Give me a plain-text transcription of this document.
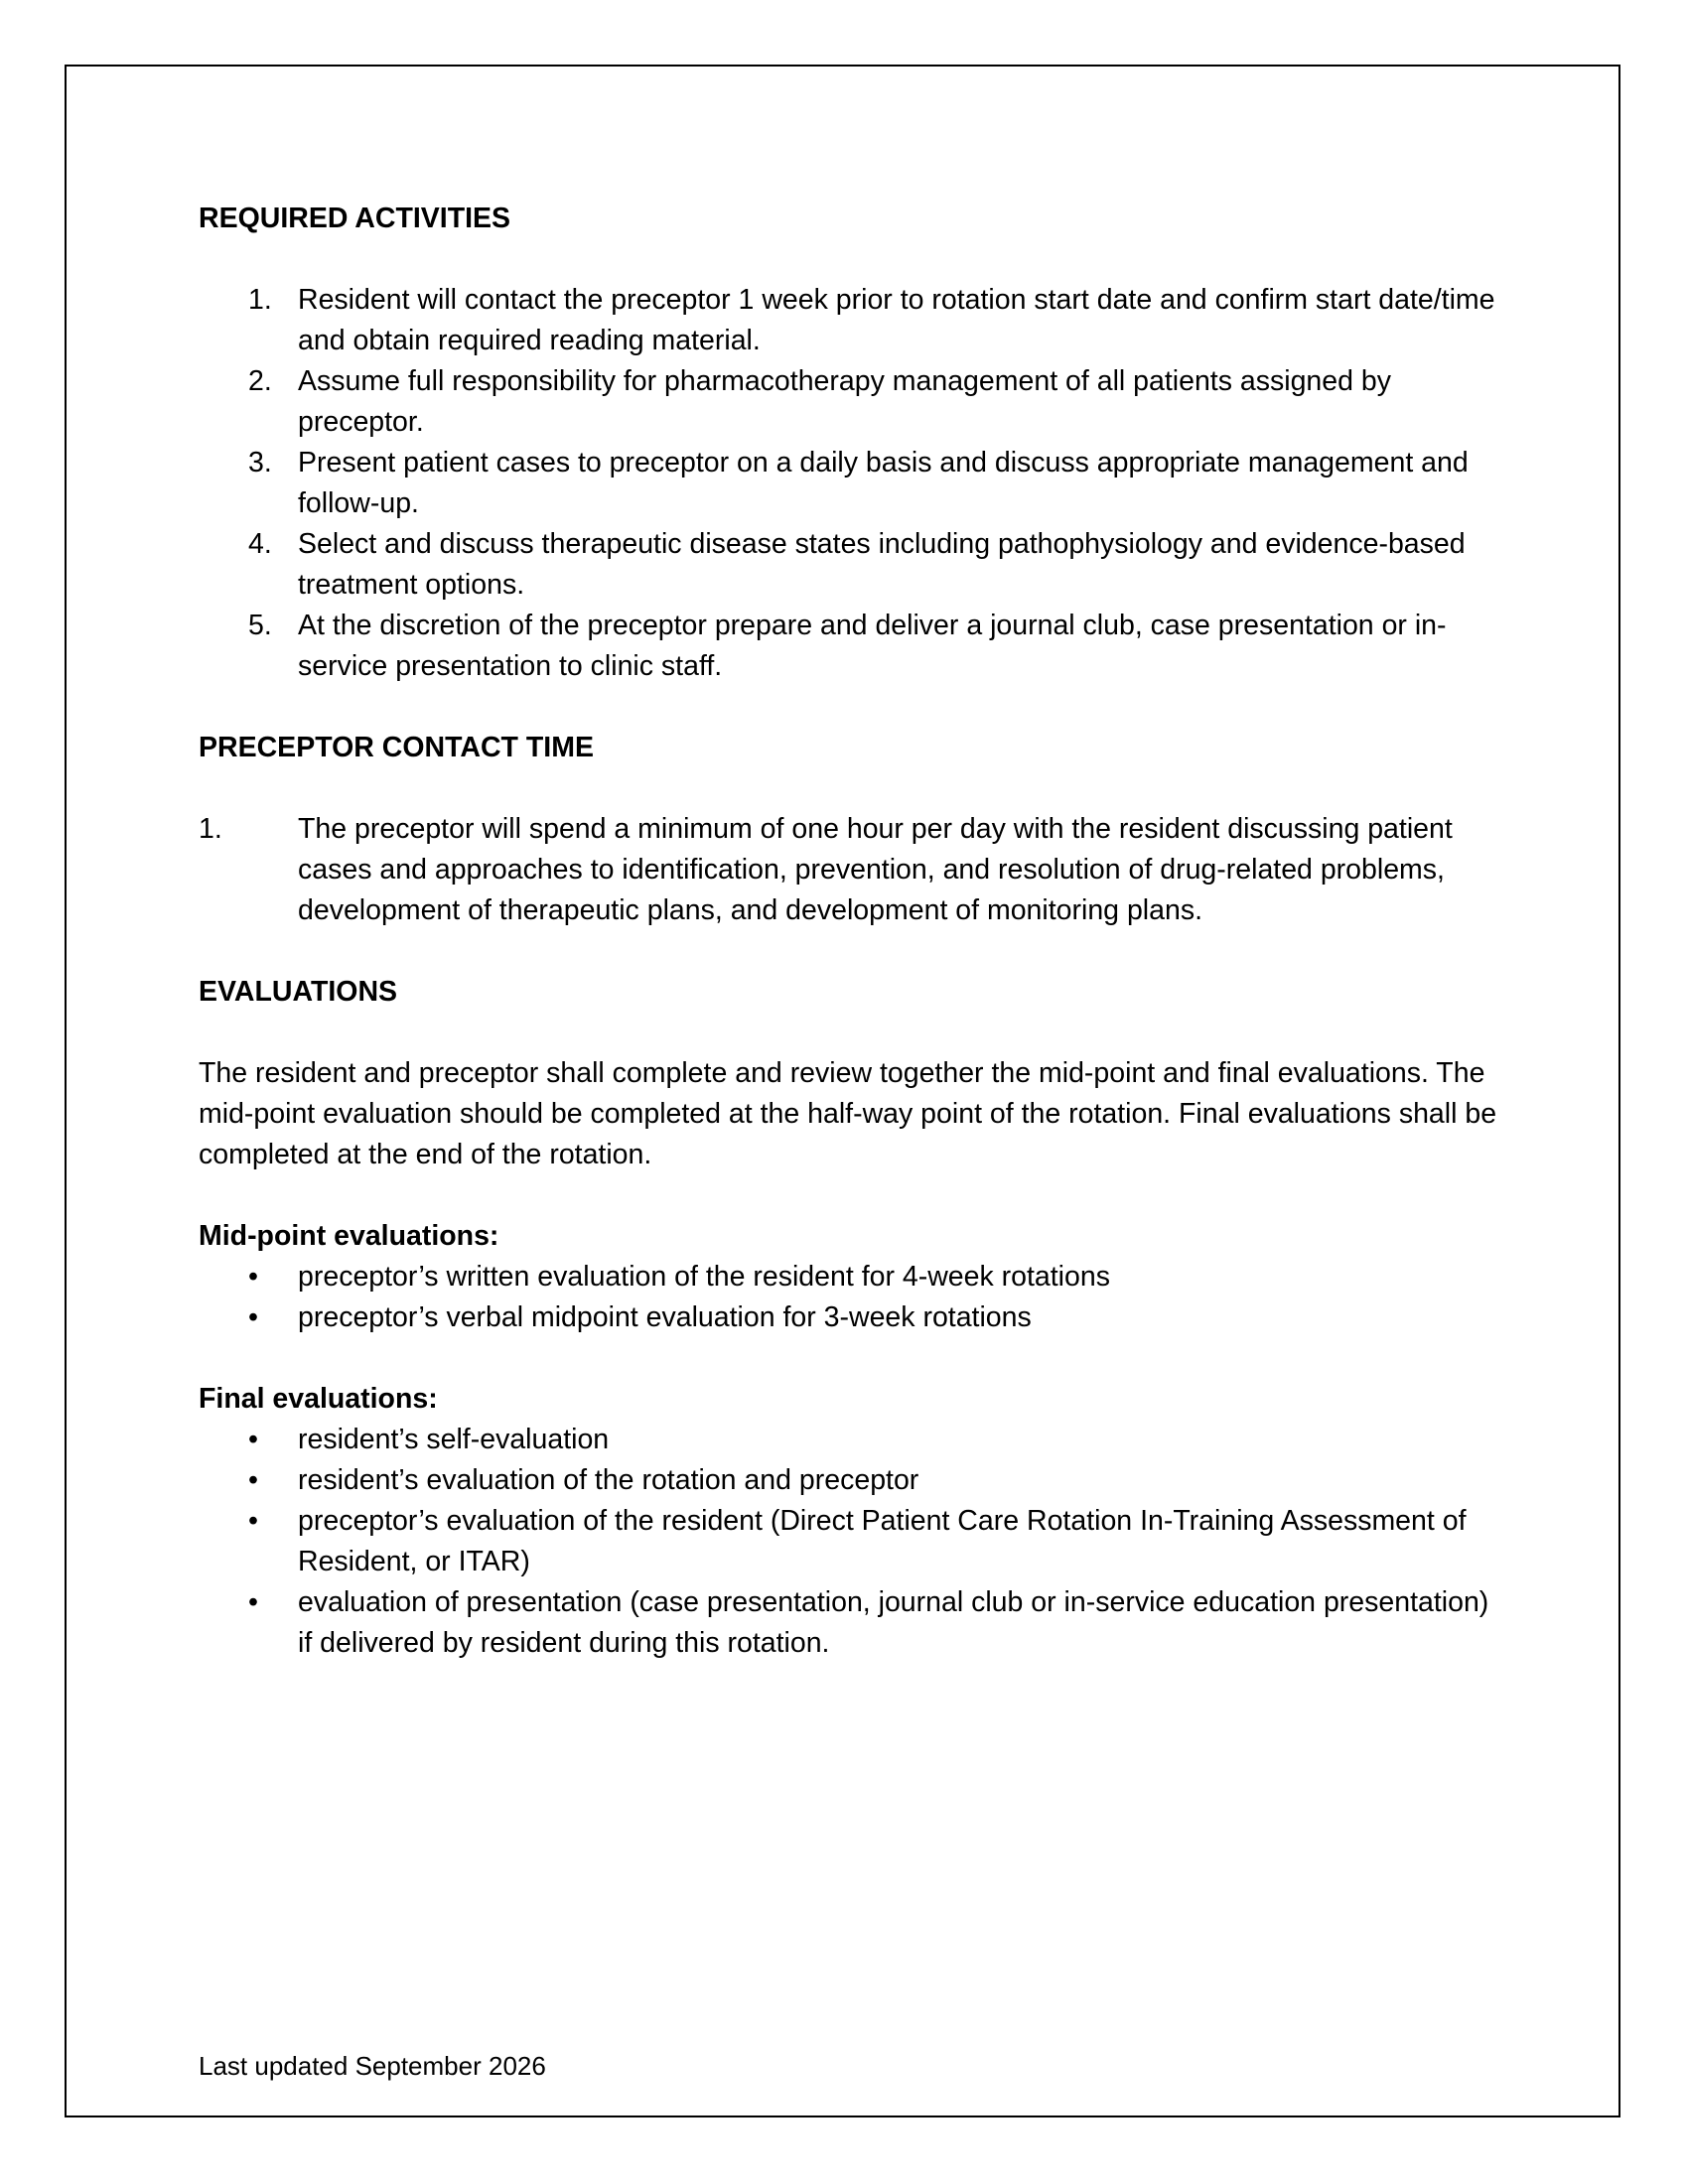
REQUIRED ACTIVITIES
1. Resident will contact the preceptor 1 week prior to rotation start date and confirm start date/time and obtain required reading material.
2. Assume full responsibility for pharmacotherapy management of all patients assigned by preceptor.
3. Present patient cases to preceptor on a daily basis and discuss appropriate management and follow-up.
4. Select and discuss therapeutic disease states including pathophysiology and evidence-based treatment options.
5. At the discretion of the preceptor prepare and deliver a journal club, case presentation or in-service presentation to clinic staff.
PRECEPTOR CONTACT TIME
1.	The preceptor will spend a minimum of one hour per day with the resident discussing patient cases and approaches to identification, prevention, and resolution of drug-related problems, development of therapeutic plans, and development of monitoring plans.
EVALUATIONS

The resident and preceptor shall complete and review together the mid-point and final evaluations. The mid-point evaluation should be completed at the half-way point of the rotation. Final evaluations shall be completed at the end of the rotation.

Mid-point evaluations:
• preceptor’s written evaluation of the resident for 4-week rotations
• preceptor’s verbal midpoint evaluation for 3-week rotations
Final evaluations:
• resident’s self-evaluation
• resident’s evaluation of the rotation and preceptor
• preceptor’s evaluation of the resident (Direct Patient Care Rotation In-Training Assessment of Resident, or ITAR)
• evaluation of presentation (case presentation, journal club or in-service education presentation) if delivered by resident during this rotation.
Last updated September 2026
